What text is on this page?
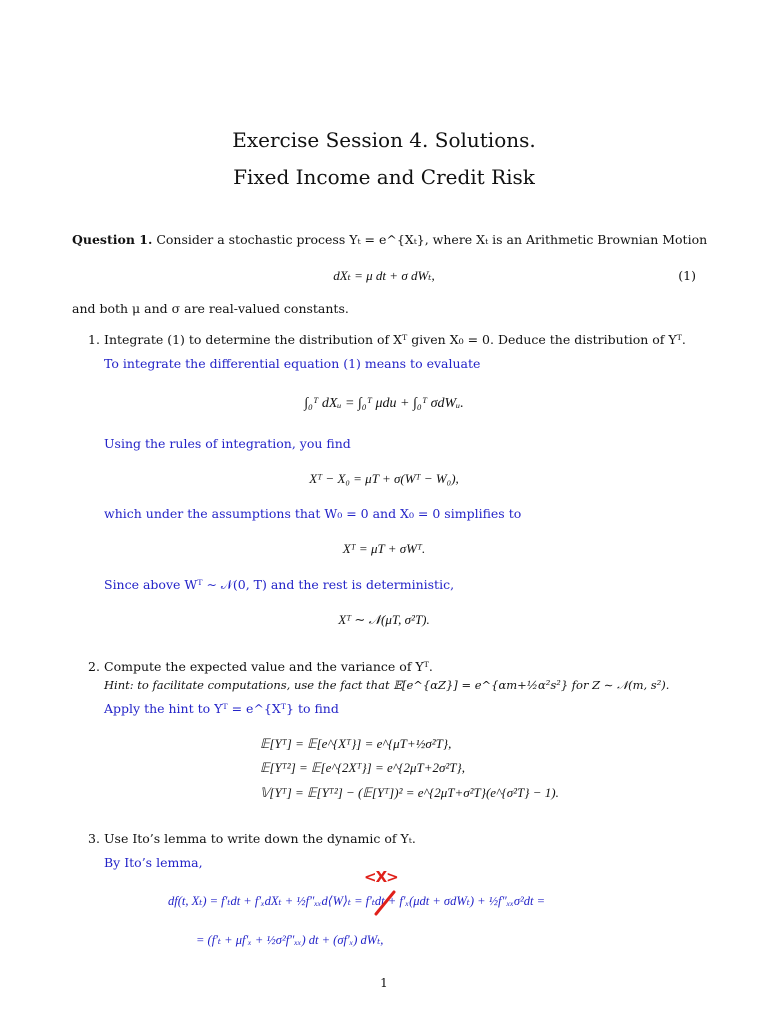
Exercise Session 4. Solutions.
Fixed Income and Credit Risk
Question 1. Consider a stochastic process Yₜ = e^{Xₜ}, where Xₜ is an Arithmetic Brownian Motion
dXₜ = μ dt + σ dWₜ,	(1)
and both μ and σ are real-valued constants.
1. Integrate (1) to determine the distribution of Xᵀ given X₀ = 0. Deduce the distribution of Yᵀ.
To integrate the differential equation (1) means to evaluate
∫₀ᵀ dXᵤ = ∫₀ᵀ μdu + ∫₀ᵀ σdWᵤ.
Using the rules of integration, you find
Xᵀ − X₀ = μT + σ(Wᵀ − W₀),
which under the assumptions that W₀ = 0 and X₀ = 0 simplifies to
Xᵀ = μT + σWᵀ.
Since above Wᵀ ∼ 𝒩(0, T) and the rest is deterministic,
Xᵀ ∼ 𝒩(μT, σ²T).
2. Compute the expected value and the variance of Yᵀ.
Hint: to facilitate computations, use the fact that 𝔼[e^{αZ}] = e^{αm+½α²s²} for Z ∼ 𝒩(m, s²).
Apply the hint to Yᵀ = e^{Xᵀ} to find
𝔼[Yᵀ] = 𝔼[e^{Xᵀ}] = e^{μT+½σ²T},
𝔼[Yᵀ²] = 𝔼[e^{2Xᵀ}] = e^{2μT+2σ²T},
𝕍[Yᵀ] = 𝔼[Yᵀ²] − (𝔼[Yᵀ])² = e^{2μT+σ²T}(e^{σ²T} − 1).
3. Use Ito’s lemma to write down the dynamic of Yₜ.
By Ito’s lemma,
df(t, Xₜ) = f′ₜdt + f′ₓdXₜ + ½f″ₓₓd⟨W⟩ₜ = f′ₜdt + f′ₓ(μdt + σdWₜ) + ½f″ₓₓσ²dt =
= (f′ₜ + μf′ₓ + ½σ²f″ₓₓ) dt + (σf′ₓ) dWₜ,
<X>
1
